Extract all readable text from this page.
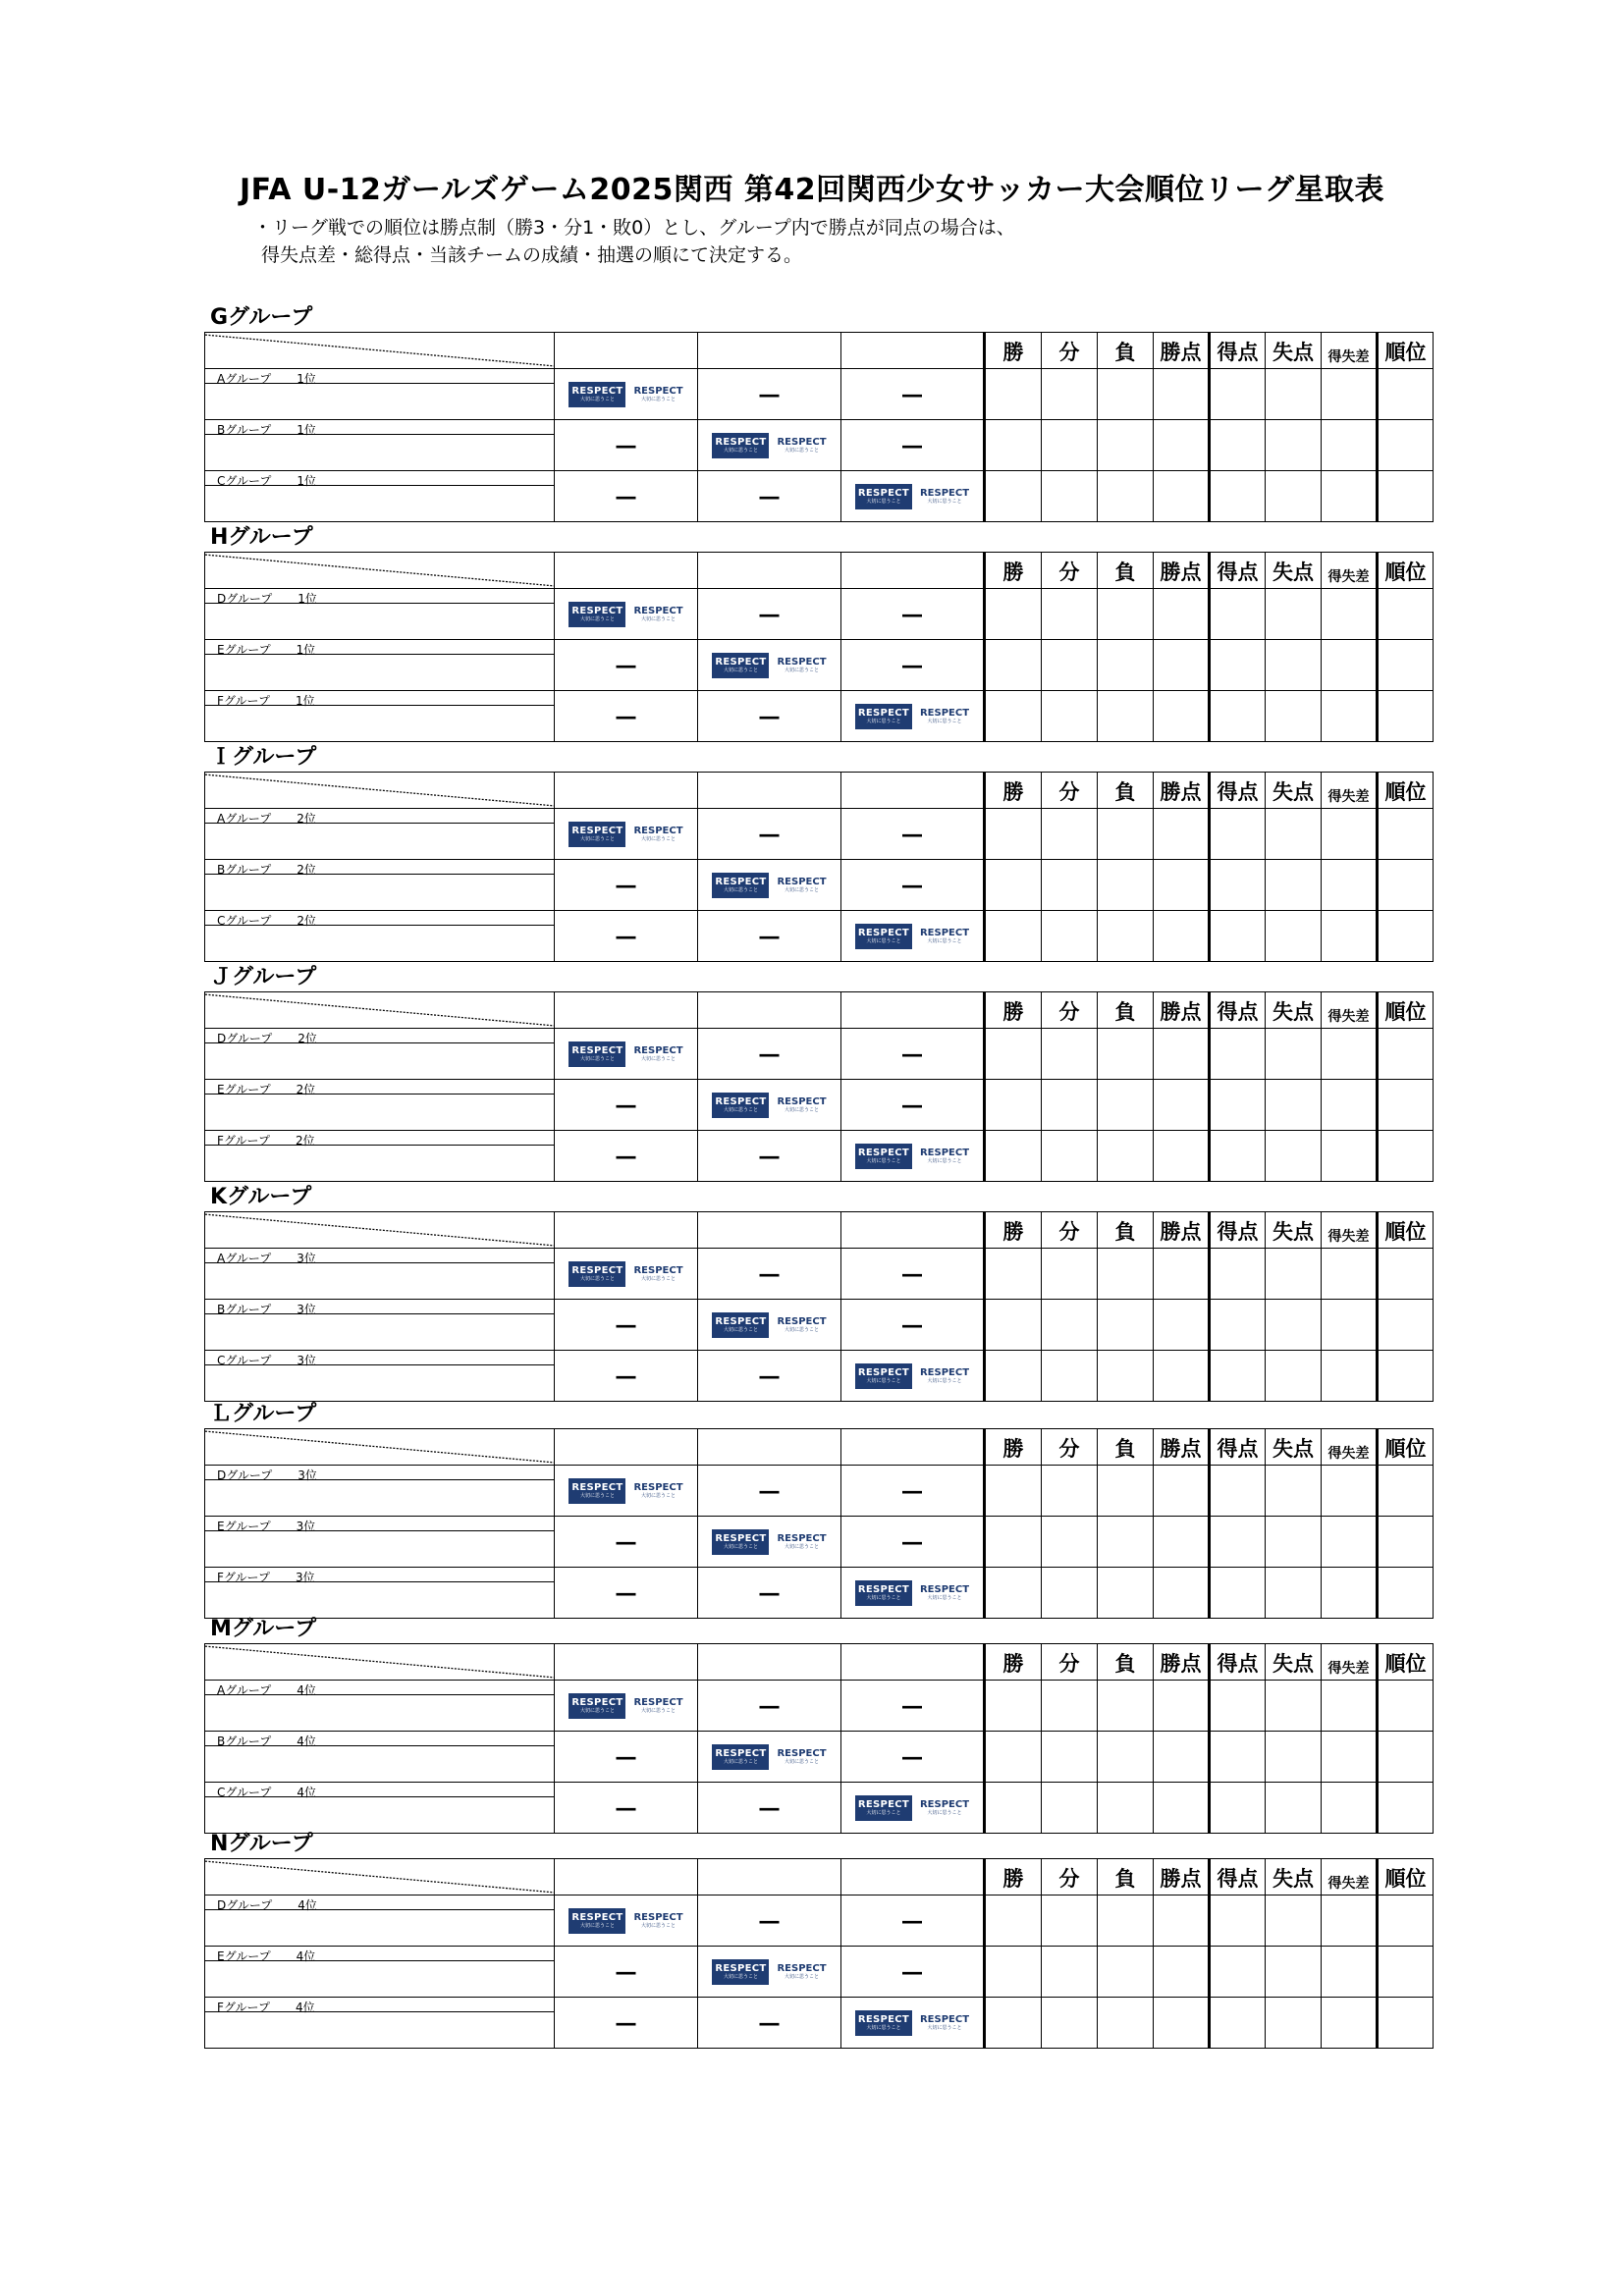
JFA U-12ガールズゲーム2025関西 第42回関西少女サッカー大会順位リーグ星取表
・リーグ戦での順位は勝点制（勝3・分1・敗0）とし、グループ内で勝点が同点の場合は、
得失点差・総得点・当該チームの成績・抽選の順にて決定する。
Gグループ
				勝	分	負	勝点	得点	失点	得失差	順位

Aグループ 1位	RESPECT
大切に思うこと
RESPECT
大切に思うこと	―	―								

Bグループ 1位	―	RESPECT
大切に思うこと
RESPECT
大切に思うこと	―								

Cグループ 1位	―	―	RESPECT
大切に思うこと
RESPECT
大切に思うこと								

Hグループ
				勝	分	負	勝点	得点	失点	得失差	順位

Dグループ 1位	RESPECT
大切に思うこと
RESPECT
大切に思うこと	―	―								

Eグループ 1位	―	RESPECT
大切に思うこと
RESPECT
大切に思うこと	―								

Fグループ 1位	―	―	RESPECT
大切に思うこと
RESPECT
大切に思うこと								

Ｉグループ
				勝	分	負	勝点	得点	失点	得失差	順位

Aグループ 2位	RESPECT
大切に思うこと
RESPECT
大切に思うこと	―	―								

Bグループ 2位	―	RESPECT
大切に思うこと
RESPECT
大切に思うこと	―								

Cグループ 2位	―	―	RESPECT
大切に思うこと
RESPECT
大切に思うこと								

Ｊグループ
				勝	分	負	勝点	得点	失点	得失差	順位

Dグループ 2位	RESPECT
大切に思うこと
RESPECT
大切に思うこと	―	―								

Eグループ 2位	―	RESPECT
大切に思うこと
RESPECT
大切に思うこと	―								

Fグループ 2位	―	―	RESPECT
大切に思うこと
RESPECT
大切に思うこと								

Kグループ
				勝	分	負	勝点	得点	失点	得失差	順位

Aグループ 3位	RESPECT
大切に思うこと
RESPECT
大切に思うこと	―	―								

Bグループ 3位	―	RESPECT
大切に思うこと
RESPECT
大切に思うこと	―								

Cグループ 3位	―	―	RESPECT
大切に思うこと
RESPECT
大切に思うこと								

Ｌグループ
				勝	分	負	勝点	得点	失点	得失差	順位

Dグループ 3位	RESPECT
大切に思うこと
RESPECT
大切に思うこと	―	―								

Eグループ 3位	―	RESPECT
大切に思うこと
RESPECT
大切に思うこと	―								

Fグループ 3位	―	―	RESPECT
大切に思うこと
RESPECT
大切に思うこと								

Mグループ
				勝	分	負	勝点	得点	失点	得失差	順位

Aグループ 4位	RESPECT
大切に思うこと
RESPECT
大切に思うこと	―	―								

Bグループ 4位	―	RESPECT
大切に思うこと
RESPECT
大切に思うこと	―								

Cグループ 4位	―	―	RESPECT
大切に思うこと
RESPECT
大切に思うこと								

Nグループ
				勝	分	負	勝点	得点	失点	得失差	順位

Dグループ 4位	RESPECT
大切に思うこと
RESPECT
大切に思うこと	―	―								

Eグループ 4位	―	RESPECT
大切に思うこと
RESPECT
大切に思うこと	―								

Fグループ 4位	―	―	RESPECT
大切に思うこと
RESPECT
大切に思うこと								
